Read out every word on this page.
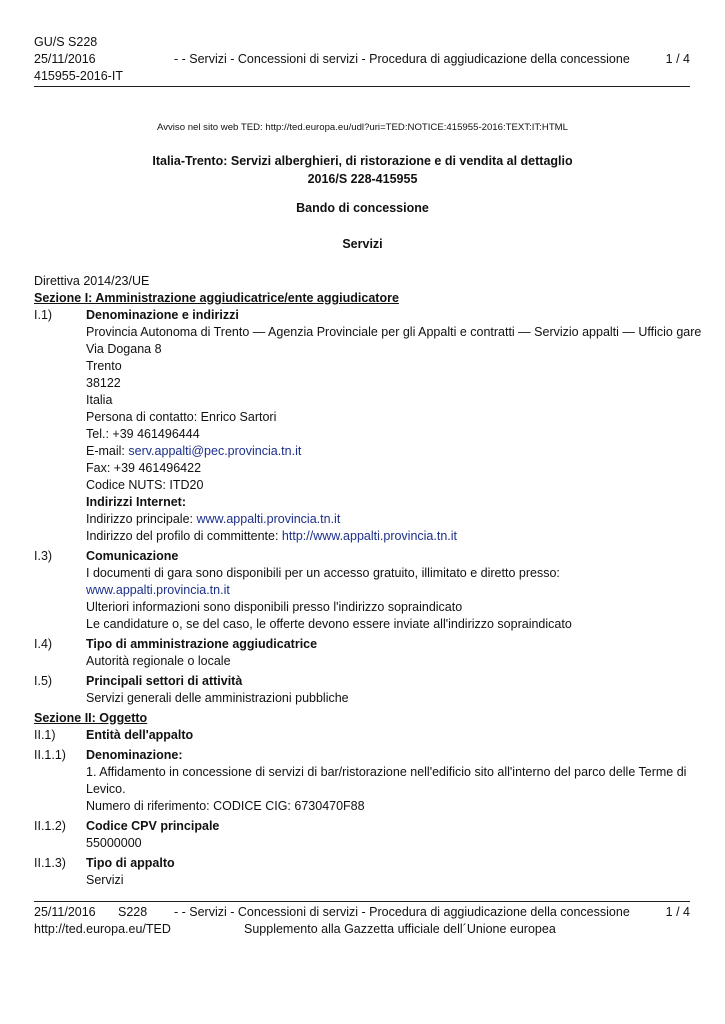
GU/S S228
25/11/2016
415955-2016-IT
- - Servizi - Concessioni di servizi - Procedura di aggiudicazione della concessione	1 / 4
Avviso nel sito web TED: http://ted.europa.eu/udl?uri=TED:NOTICE:415955-2016:TEXT:IT:HTML
Italia-Trento: Servizi alberghieri, di ristorazione e di vendita al dettaglio
2016/S 228-415955
Bando di concessione
Servizi
Direttiva 2014/23/UE
Sezione I: Amministrazione aggiudicatrice/ente aggiudicatore
I.1)	Denominazione e indirizzi
Provincia Autonoma di Trento — Agenzia Provinciale per gli Appalti e contratti — Servizio appalti — Ufficio gare
Via Dogana 8
Trento
38122
Italia
Persona di contatto: Enrico Sartori
Tel.: +39 461496444
E-mail: serv.appalti@pec.provincia.tn.it
Fax: +39 461496422
Codice NUTS: ITD20
Indirizzi Internet:
Indirizzo principale: www.appalti.provincia.tn.it
Indirizzo del profilo di committente: http://www.appalti.provincia.tn.it
I.3)	Comunicazione
I documenti di gara sono disponibili per un accesso gratuito, illimitato e diretto presso:
www.appalti.provincia.tn.it
Ulteriori informazioni sono disponibili presso l'indirizzo sopraindicato
Le candidature o, se del caso, le offerte devono essere inviate all'indirizzo sopraindicato
I.4)	Tipo di amministrazione aggiudicatrice
Autorità regionale o locale
I.5)	Principali settori di attività
Servizi generali delle amministrazioni pubbliche
Sezione II: Oggetto
II.1) Entità dell'appalto
II.1.1) Denominazione:
1. Affidamento in concessione di servizi di bar/ristorazione nell'edificio sito all'interno del parco delle Terme di Levico.
Numero di riferimento: CODICE CIG: 6730470F88
II.1.2) Codice CPV principale
55000000
II.1.3) Tipo di appalto
Servizi
25/11/2016 S228 - - Servizi - Concessioni di servizi - Procedura di aggiudicazione della concessione	1 / 4
http://ted.europa.eu/TED	Supplemento alla Gazzetta ufficiale dell´Unione europea
